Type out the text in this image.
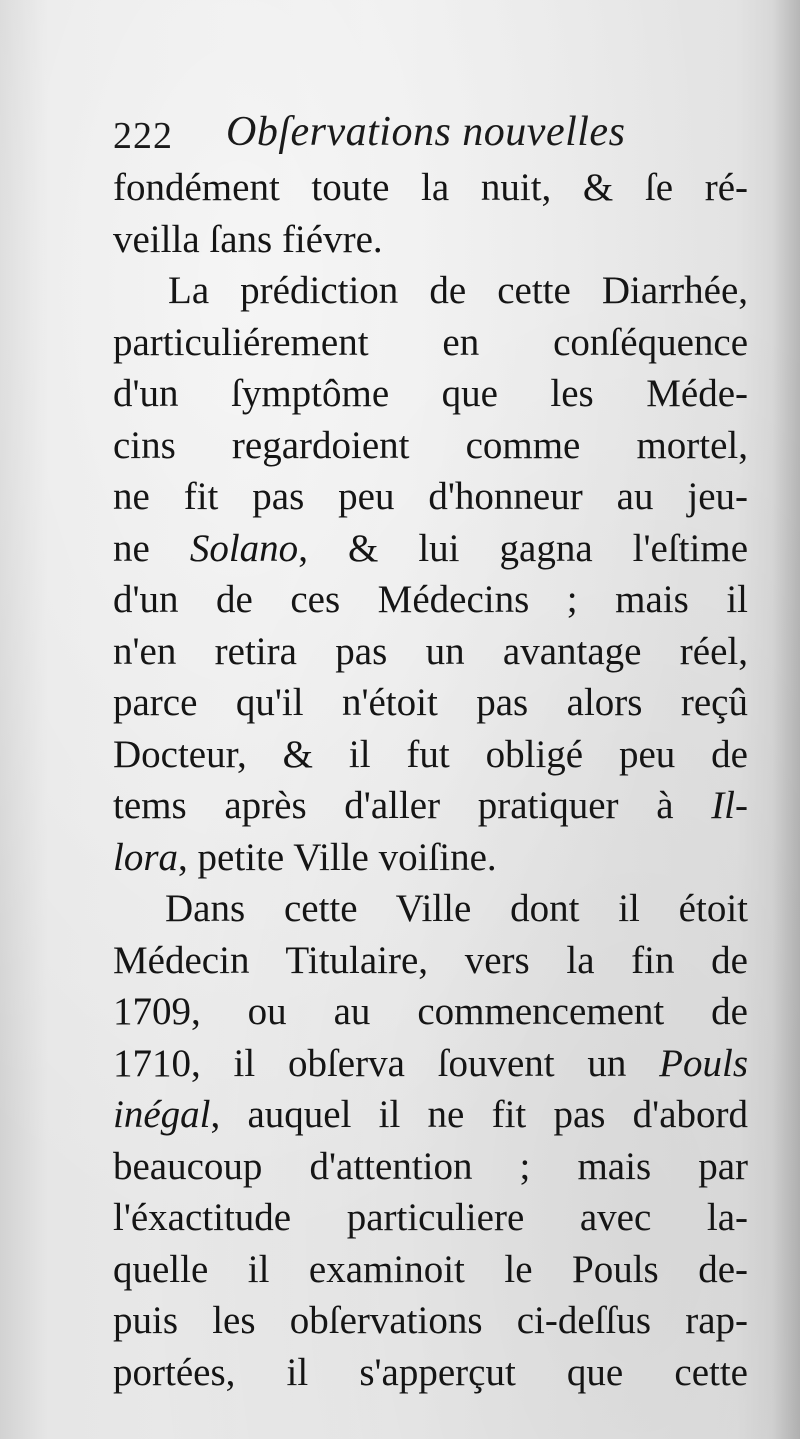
222 Obſervations nouvelles
fondément toute la nuit, & ſe ré-
veilla ſans fiévre.
La prédiction de cette Diarrhée,
particuliérement en conſéquence
d'un ſymptôme que les Méde-
cins regardoient comme mortel,
ne fit pas peu d'honneur au jeu-
ne Solano, & lui gagna l'eſtime
d'un de ces Médecins ; mais il
n'en retira pas un avantage réel,
parce qu'il n'étoit pas alors reçû
Docteur, & il fut obligé peu de
tems après d'aller pratiquer à Il-
lora, petite Ville voiſine.
Dans cette Ville dont il étoit
Médecin Titulaire, vers la fin de
1709, ou au commencement de
1710, il obſerva ſouvent un Pouls
inégal, auquel il ne fit pas d'abord
beaucoup d'attention ; mais par
l'éxactitude particuliere avec la-
quelle il examinoit le Pouls de-
puis les obſervations ci-deſſus rap-
portées, il s'apperçut que cette
